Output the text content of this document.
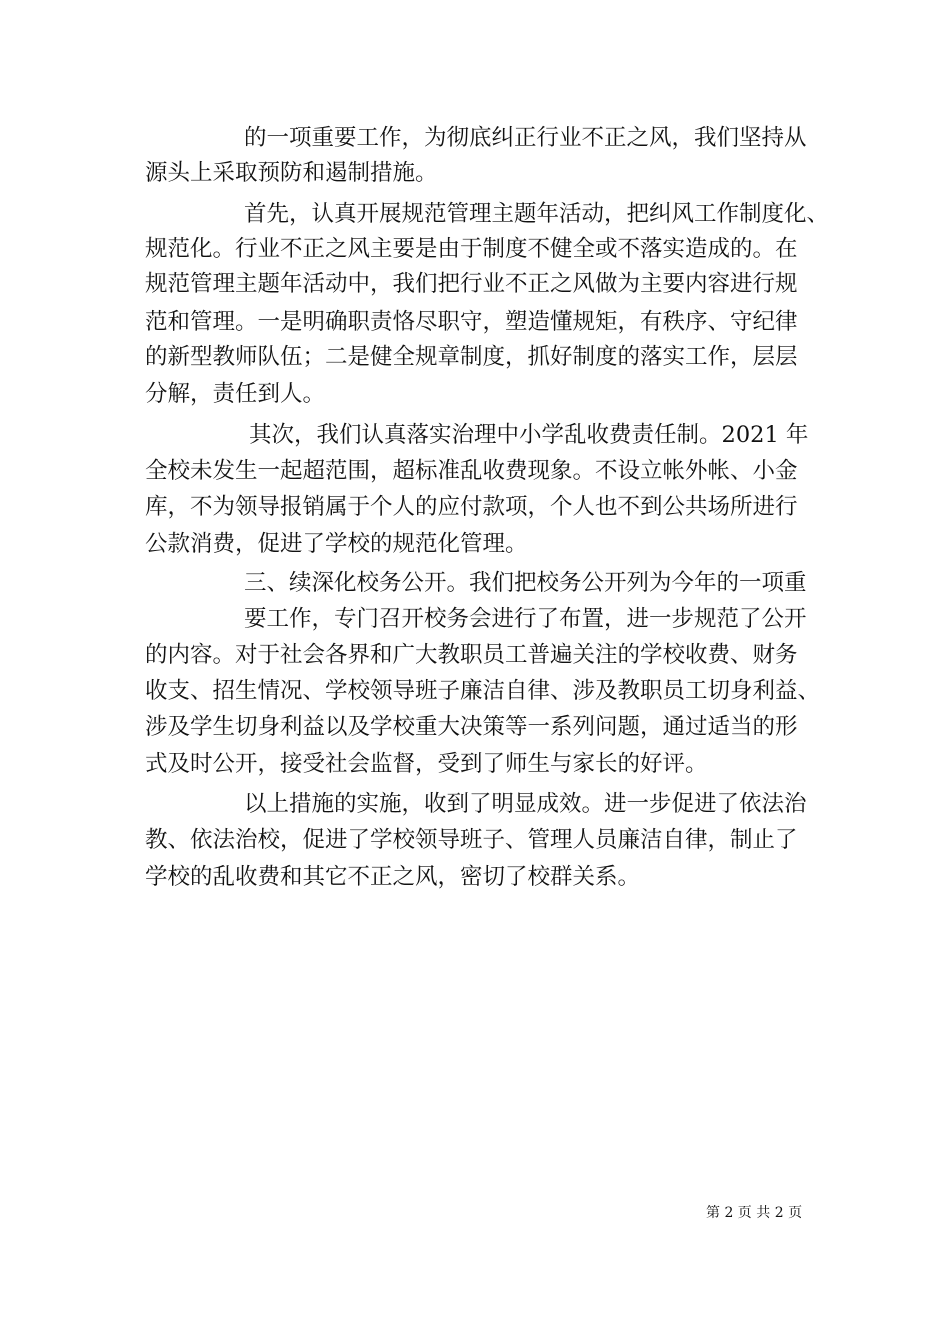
的一项重要工作，为彻底纠正行业不正之风，我们坚持从
源头上采取预防和遏制措施。
首先，认真开展规范管理主题年活动，把纠风工作制度化、
规范化。行业不正之风主要是由于制度不健全或不落实造成的。在
规范管理主题年活动中，我们把行业不正之风做为主要内容进行规
范和管理。一是明确职责恪尽职守，塑造懂规矩，有秩序、守纪律
的新型教师队伍；二是健全规章制度，抓好制度的落实工作，层层
分解，责任到人。
其次，我们认真落实治理中小学乱收费责任制。2021 年
全校未发生一起超范围，超标准乱收费现象。不设立帐外帐、小金
库，不为领导报销属于个人的应付款项，个人也不到公共场所进行
公款消费，促进了学校的规范化管理。
三、续深化校务公开。我们把校务公开列为今年的一项重
要工作，专门召开校务会进行了布置，进一步规范了公开
的内容。对于社会各界和广大教职员工普遍关注的学校收费、财务
收支、招生情况、学校领导班子廉洁自律、涉及教职员工切身利益、
涉及学生切身利益以及学校重大决策等一系列问题，通过适当的形
式及时公开，接受社会监督，受到了师生与家长的好评。
以上措施的实施，收到了明显成效。进一步促进了依法治
教、依法治校，促进了学校领导班子、管理人员廉洁自律，制止了
学校的乱收费和其它不正之风，密切了校群关系。
第 2 页 共 2 页
